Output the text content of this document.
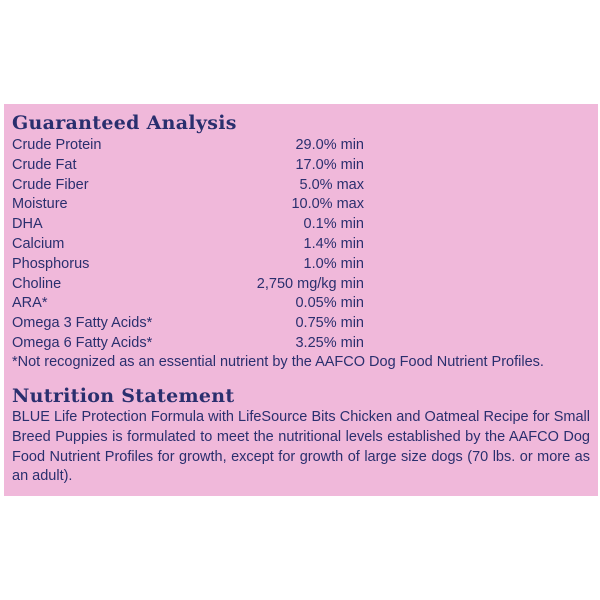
Guaranteed Analysis
Crude Protein	29.0% min
Crude Fat	17.0% min
Crude Fiber	5.0% max
Moisture	10.0% max
DHA	0.1% min
Calcium	1.4% min
Phosphorus	1.0% min
Choline	2,750 mg/kg min
ARA*	0.05% min
Omega 3 Fatty Acids*	0.75% min
Omega 6 Fatty Acids*	3.25% min
*Not recognized as an essential nutrient by the AAFCO Dog Food Nutrient Profiles.
Nutrition Statement
BLUE Life Protection Formula with LifeSource Bits Chicken and Oatmeal Recipe for Small Breed Puppies is formulated to meet the nutritional levels established by the AAFCO Dog Food Nutrient Profiles for growth, except for growth of large size dogs (70 lbs. or more as an adult).
